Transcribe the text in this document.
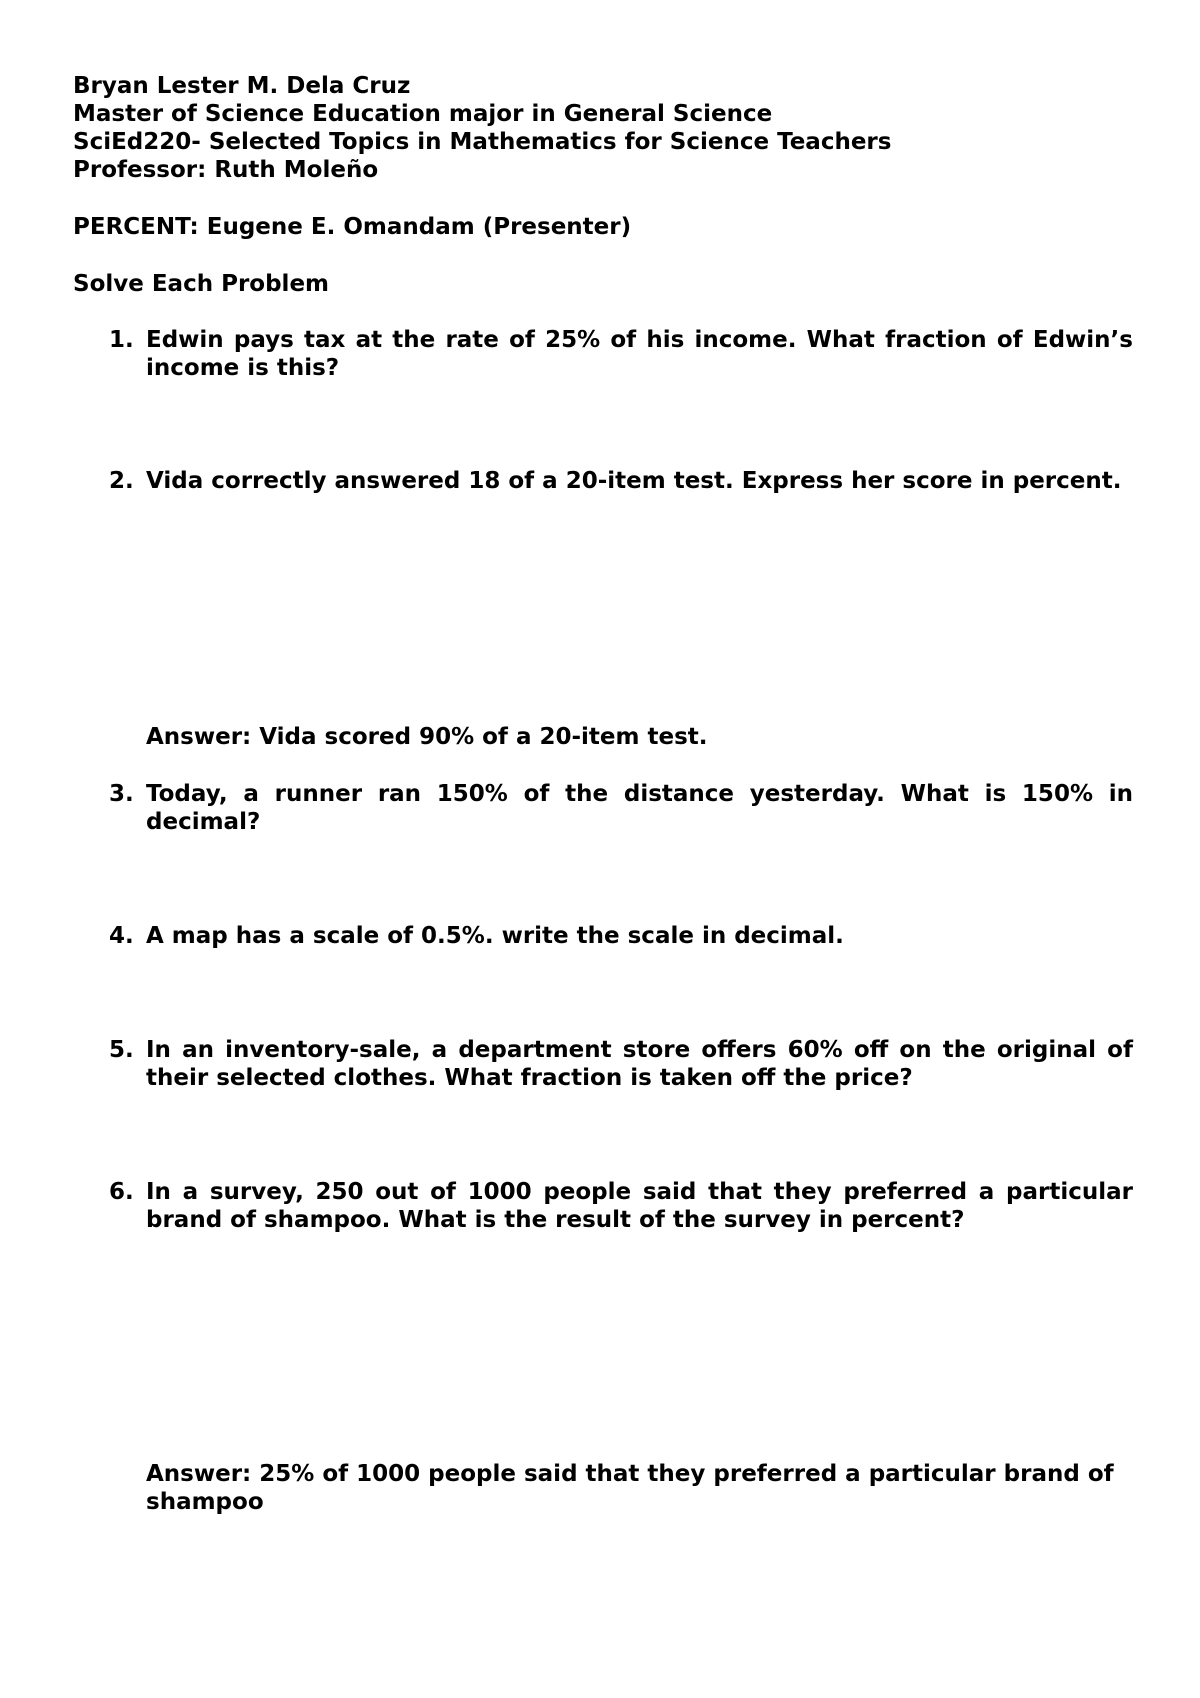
Bryan Lester M. Dela Cruz
Master of Science Education major in General Science
SciEd220- Selected Topics in Mathematics for Science Teachers
Professor: Ruth Moleño
PERCENT: Eugene E. Omandam (Presenter)
Solve Each Problem
1. Edwin pays tax at the rate of 25% of his income. What fraction of Edwin’s income is this?
2. Vida correctly answered 18 of a 20-item test. Express her score in percent.
Answer: Vida scored 90% of a 20-item test.
3. Today, a runner ran 150% of the distance yesterday. What is 150% in decimal?
4. A map has a scale of 0.5%. write the scale in decimal.
5. In an inventory-sale, a department store offers 60% off on the original of their selected clothes. What fraction is taken off the price?
6. In a survey, 250 out of 1000 people said that they preferred a particular brand of shampoo. What is the result of the survey in percent?
Answer: 25% of 1000 people said that they preferred a particular brand of shampoo
